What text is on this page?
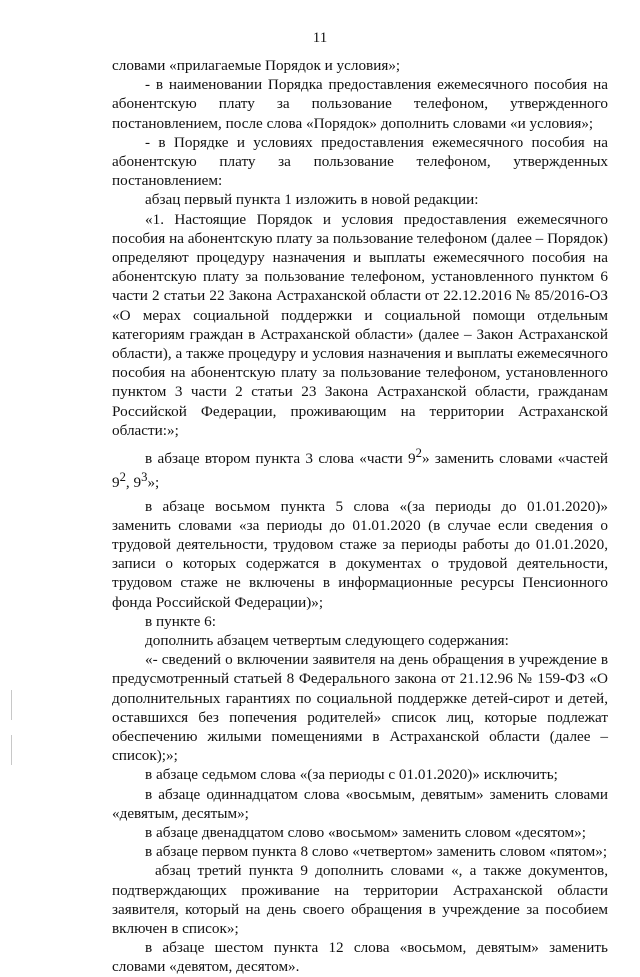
11

словами «прилагаемые Порядок и условия»;

- в наименовании Порядка предоставления ежемесячного пособия на абонентскую плату за пользование телефоном, утвержденного постановлением, после слова «Порядок» дополнить словами «и условия»;

- в Порядке и условиях предоставления ежемесячного пособия на абонентскую плату за пользование телефоном, утвержденных постановлением:

абзац первый пункта 1 изложить в новой редакции:

«1. Настоящие Порядок и условия предоставления ежемесячного пособия на абонентскую плату за пользование телефоном (далее – Порядок) определяют процедуру назначения и выплаты ежемесячного пособия на абонентскую плату за пользование телефоном, установленного пунктом 6 части 2 статьи 22 Закона Астраханской области от 22.12.2016 № 85/2016-ОЗ «О мерах социальной поддержки и социальной помощи отдельным категориям граждан в Астраханской области» (далее – Закон Астраханской области), а также процедуру и условия назначения и выплаты ежемесячного пособия на абонентскую плату за пользование телефоном, установленного пунктом 3 части 2 статьи 23 Закона Астраханской области, гражданам Российской Федерации, проживающим на территории Астраханской области:»;

в абзаце втором пункта 3 слова «части $9^2$» заменить словами «частей $9^2$, $9^3$»;

в абзаце восьмом пункта 5 слова «(за периоды до 01.01.2020)» заменить словами «за периоды до 01.01.2020 (в случае если сведения о трудовой деятельности, трудовом стаже за периоды работы до 01.01.2020, записи о которых содержатся в документах о трудовой деятельности, трудовом стаже не включены в информационные ресурсы Пенсионного фонда Российской Федерации)»;

в пункте 6:

дополнить абзацем четвертым следующего содержания:

«- сведений о включении заявителя на день обращения в учреждение в предусмотренный статьей 8 Федерального закона от 21.12.96 № 159-ФЗ «О дополнительных гарантиях по социальной поддержке детей-сирот и детей, оставшихся без попечения родителей» список лиц, которые подлежат обеспечению жилыми помещениями в Астраханской области (далее – список);»;

в абзаце седьмом слова «(за периоды с 01.01.2020)» исключить;

в абзаце одиннадцатом слова «восьмым, девятым» заменить словами «девятым, десятым»;

в абзаце двенадцатом слово «восьмом» заменить словом «десятом»;

в абзаце первом пункта 8 слово «четвертом» заменить словом «пятом»;

абзац третий пункта 9 дополнить словами «, а также документов, подтверждающих проживание на территории Астраханской области заявителя, который на день своего обращения в учреждение за пособием включен в список»;

в абзаце шестом пункта 12 слова «восьмом, девятым» заменить словами «девятом, десятом».
